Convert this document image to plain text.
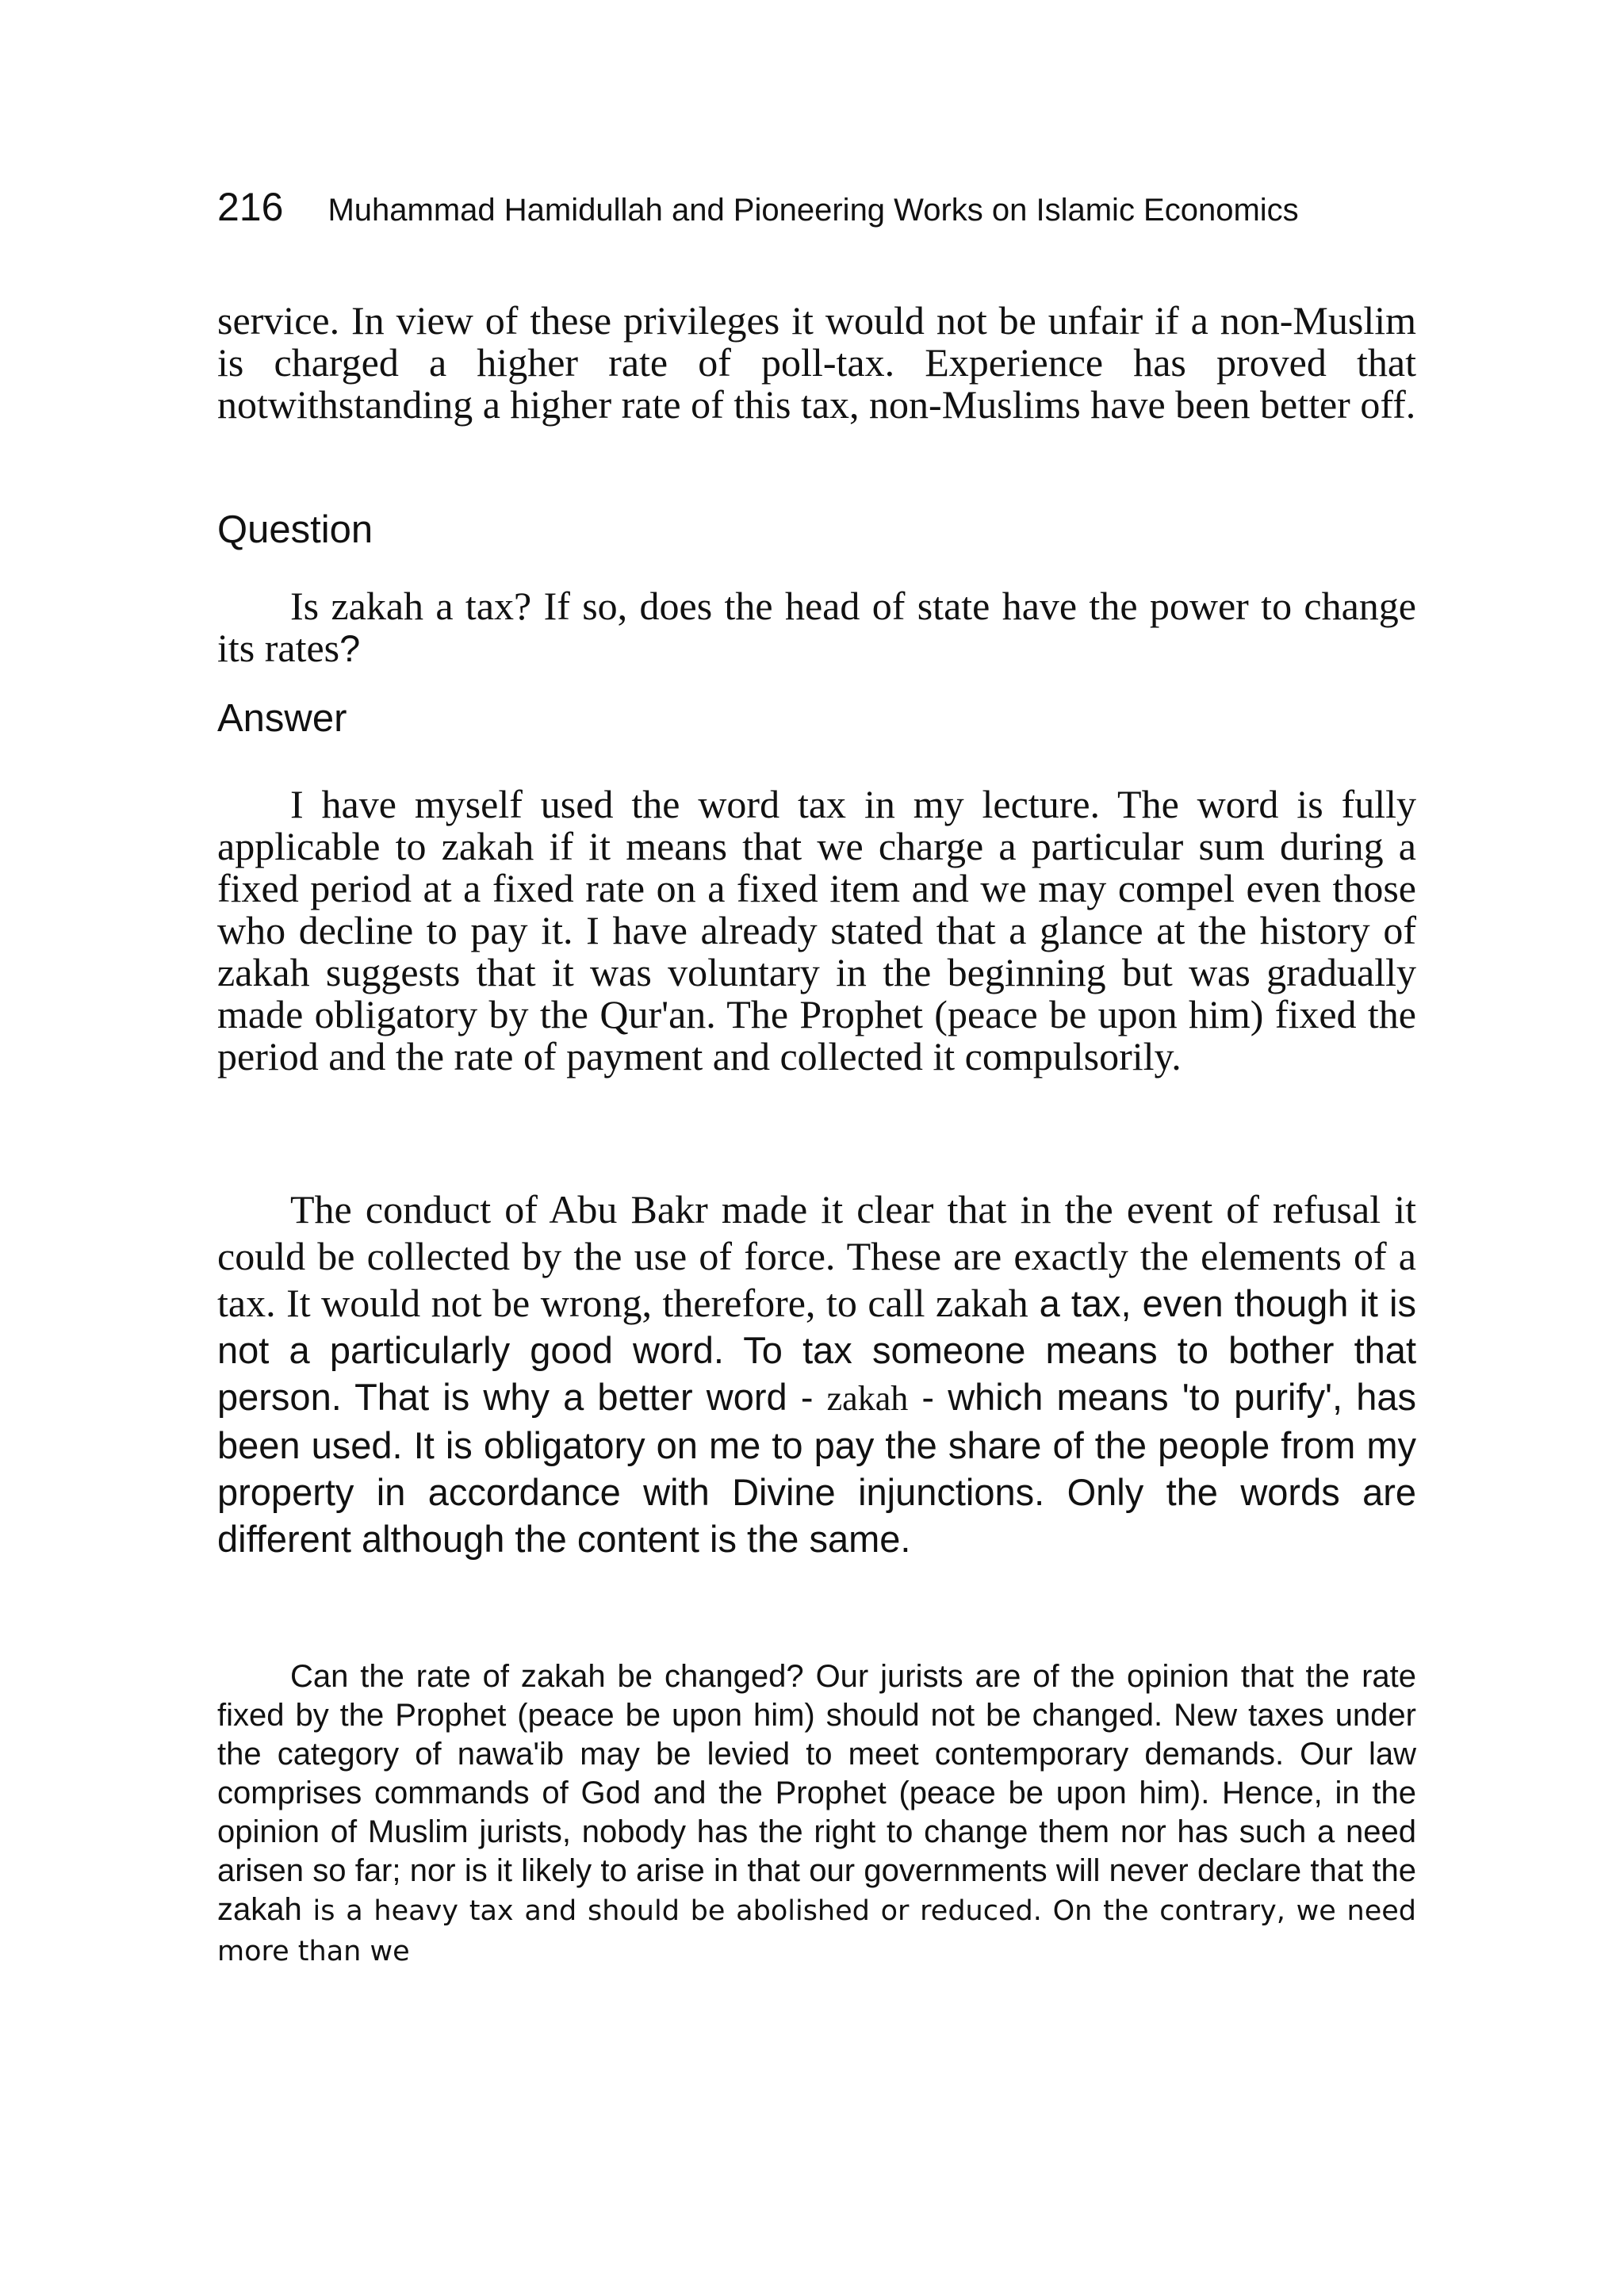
216 Muhammad Hamidullah and Pioneering Works on Islamic Economics

service. In view of these privileges it would not be unfair if a non-Muslim is charged a higher rate of poll-tax. Experience has proved that notwithstanding a higher rate of this tax, non-Muslims have been better off.

Question

Is zakah a tax? If so, does the head of state have the power to change its rates?

Answer

I have myself used the word tax in my lecture. The word is fully applicable to zakah if it means that we charge a particular sum during a fixed period at a fixed rate on a fixed item and we may compel even those who decline to pay it. I have already stated that a glance at the history of zakah suggests that it was voluntary in the beginning but was gradually made obligatory by the Qur'an. The Prophet (peace be upon him) fixed the period and the rate of payment and collected it compulsorily.

The conduct of Abu Bakr made it clear that in the event of refusal it could be collected by the use of force. These are exactly the elements of a tax. It would not be wrong, therefore, to call zakah a tax, even though it is not a particularly good word. To tax someone means to bother that person. That is why a better word - zakah - which means 'to purify', has been used. It is obligatory on me to pay the share of the people from my property in accordance with Divine injunctions. Only the words are different although the content is the same.

Can the rate of zakah be changed? Our jurists are of the opinion that the rate fixed by the Prophet (peace be upon him) should not be changed. New taxes under the category of nawa'ib may be levied to meet contemporary demands. Our law comprises commands of God and the Prophet (peace be upon him). Hence, in the opinion of Muslim jurists, nobody has the right to change them nor has such a need arisen so far; nor is it likely to arise in that our governments will never declare that the zakah is a heavy tax and should be abolished or reduced. On the contrary, we need more than we
